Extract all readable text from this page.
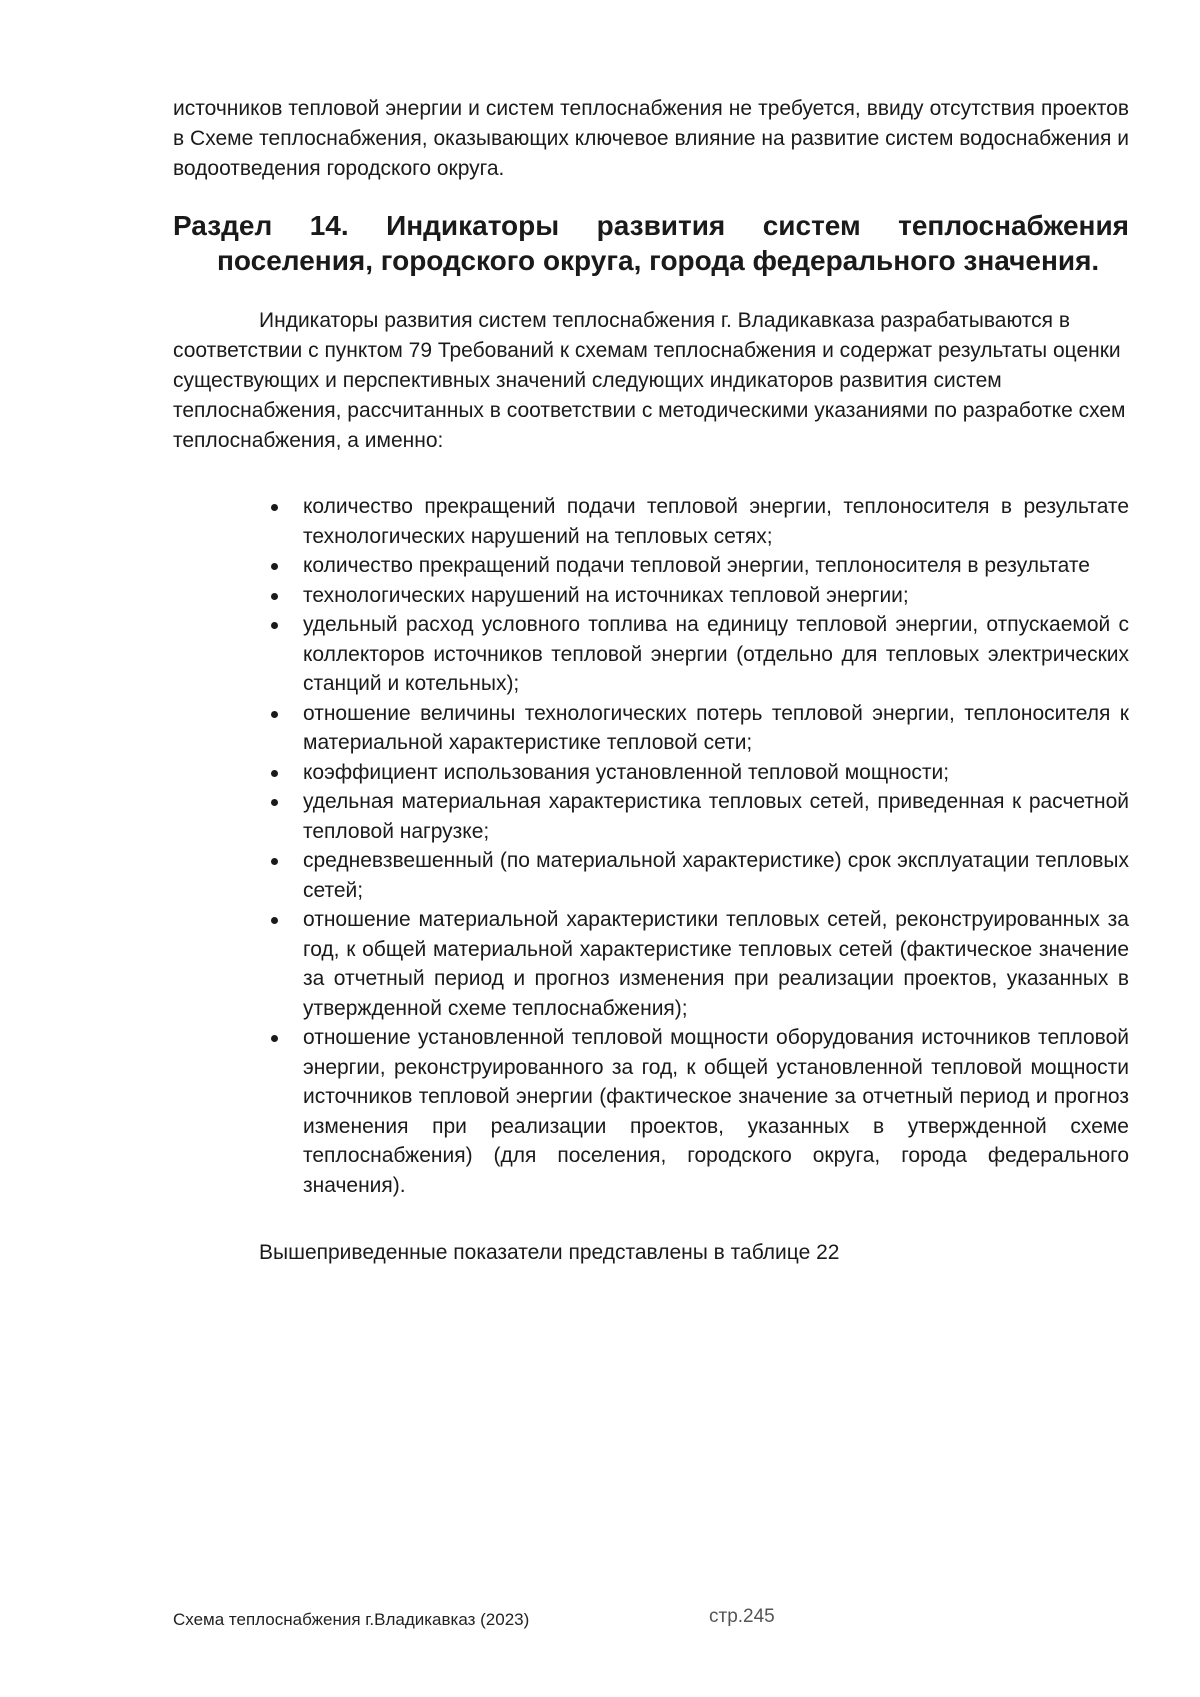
источников тепловой энергии и систем теплоснабжения не требуется, ввиду отсутствия проектов в Схеме теплоснабжения, оказывающих ключевое влияние на развитие систем водоснабжения и водоотведения городского округа.

Раздел 14. Индикаторы развития систем теплоснабжения
поселения, городского округа, города федерального значения.

Индикаторы развития систем теплоснабжения г. Владикавказа разрабатываются в соответствии с пунктом 79 Требований к схемам теплоснабжения и содержат результаты оценки существующих и перспективных значений следующих индикаторов развития систем теплоснабжения, рассчитанных в соответствии с методическими указаниями по разработке схем теплоснабжения, а именно:

количество прекращений подачи тепловой энергии, теплоносителя в результате технологических нарушений на тепловых сетях;
количество прекращений подачи тепловой энергии, теплоносителя в результате
технологических нарушений на источниках тепловой энергии;
удельный расход условного топлива на единицу тепловой энергии, отпускаемой с коллекторов источников тепловой энергии (отдельно для тепловых электрических станций и котельных);
отношение величины технологических потерь тепловой энергии, теплоносителя к материальной характеристике тепловой сети;
коэффициент использования установленной тепловой мощности;
удельная материальная характеристика тепловых сетей, приведенная к расчетной тепловой нагрузке;
средневзвешенный (по материальной характеристике) срок эксплуатации тепловых сетей;
отношение материальной характеристики тепловых сетей, реконструированных за год, к общей материальной характеристике тепловых сетей (фактическое значение за отчетный период и прогноз изменения при реализации проектов, указанных в утвержденной схеме теплоснабжения);
отношение установленной тепловой мощности оборудования источников тепловой энергии, реконструированного за год, к общей установленной тепловой мощности источников тепловой энергии (фактическое значение за отчетный период и прогноз изменения при реализации проектов, указанных в утвержденной схеме теплоснабжения) (для поселения, городского округа, города федерального значения).

Вышеприведенные показатели представлены в таблице 22

Схема теплоснабжения г.Владикавказ (2023)	стр.245
